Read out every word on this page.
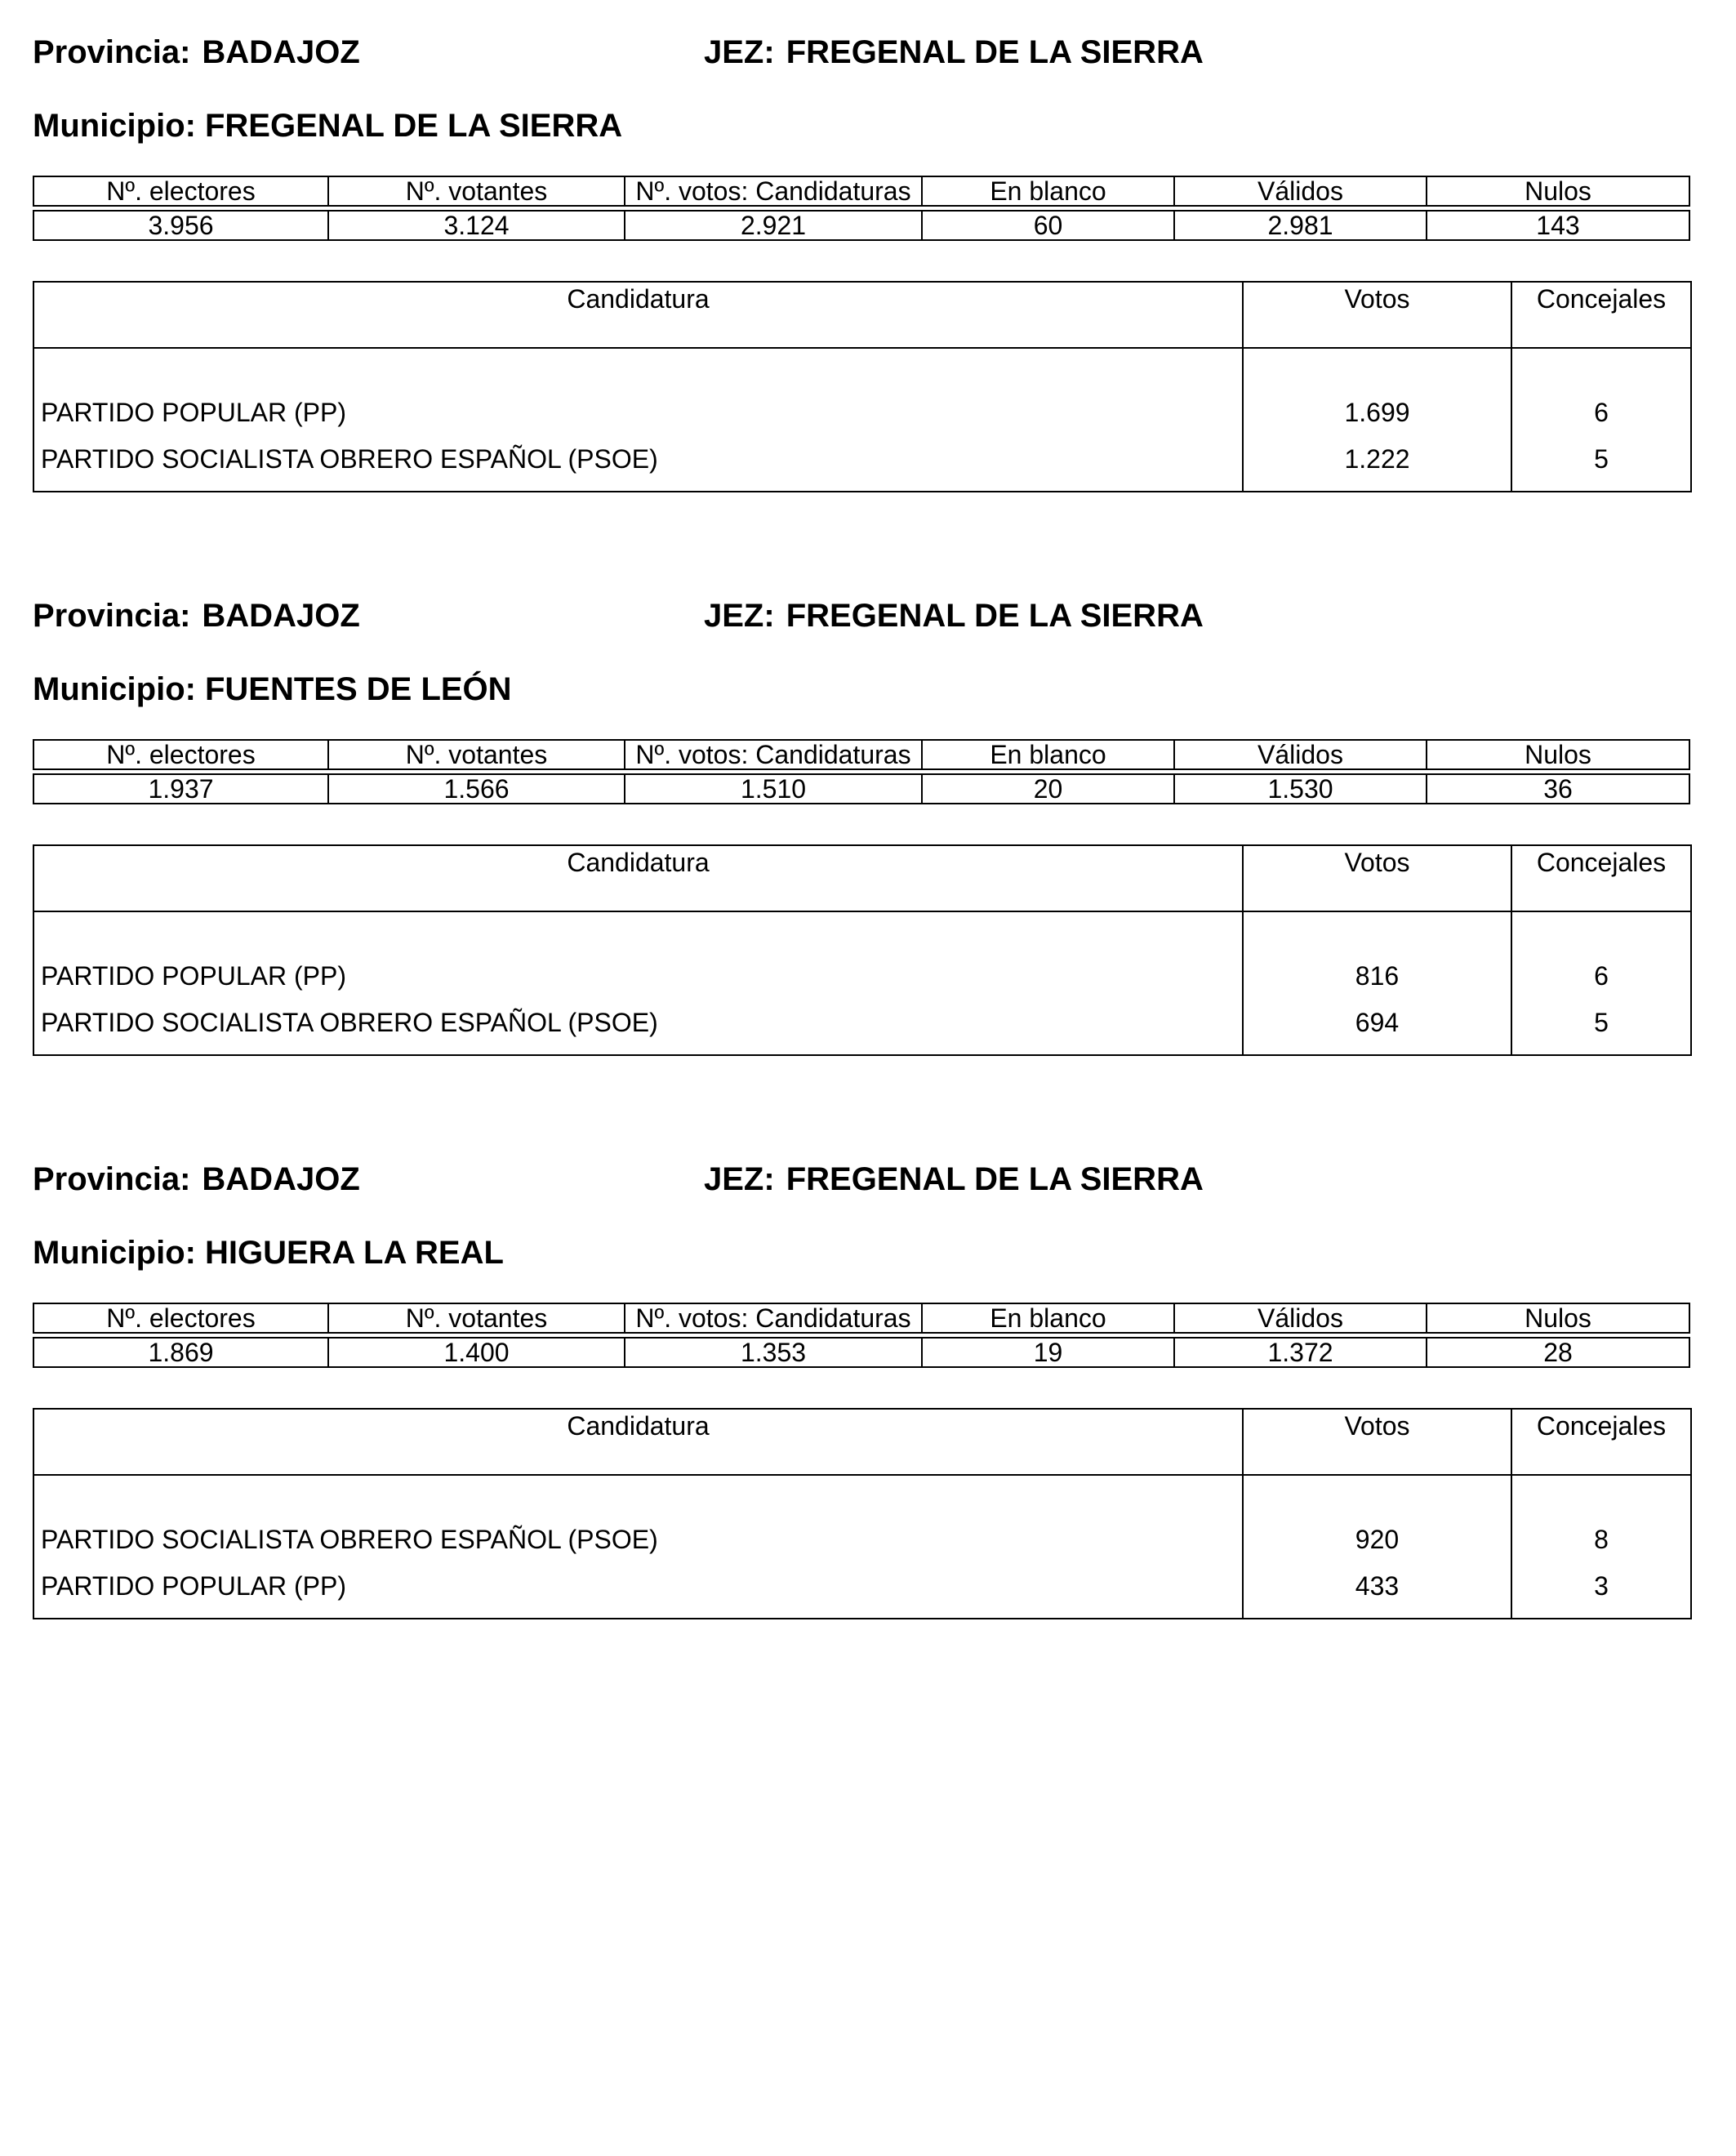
Provincia: BADAJOZ	JEZ: FREGENAL DE LA SIERRA
Municipio: FREGENAL DE LA SIERRA
Nº. electores	Nº. votantes	Nº. votos: Candidaturas	En blanco	Válidos	Nulos

3.956	3.124	2.921	60	2.981	143
Candidatura	Votos	Concejales
PARTIDO POPULAR (PP)	1.699	6
PARTIDO SOCIALISTA OBRERO ESPAÑOL (PSOE)	1.222	5
Provincia: BADAJOZ	JEZ: FREGENAL DE LA SIERRA
Municipio: FUENTES DE LEÓN
Nº. electores	Nº. votantes	Nº. votos: Candidaturas	En blanco	Válidos	Nulos

1.937	1.566	1.510	20	1.530	36
Candidatura	Votos	Concejales
PARTIDO POPULAR (PP)	816	6
PARTIDO SOCIALISTA OBRERO ESPAÑOL (PSOE)	694	5
Provincia: BADAJOZ	JEZ: FREGENAL DE LA SIERRA
Municipio: HIGUERA LA REAL
Nº. electores	Nº. votantes	Nº. votos: Candidaturas	En blanco	Válidos	Nulos

1.869	1.400	1.353	19	1.372	28
Candidatura	Votos	Concejales
PARTIDO SOCIALISTA OBRERO ESPAÑOL (PSOE)	920	8
PARTIDO POPULAR (PP)	433	3
